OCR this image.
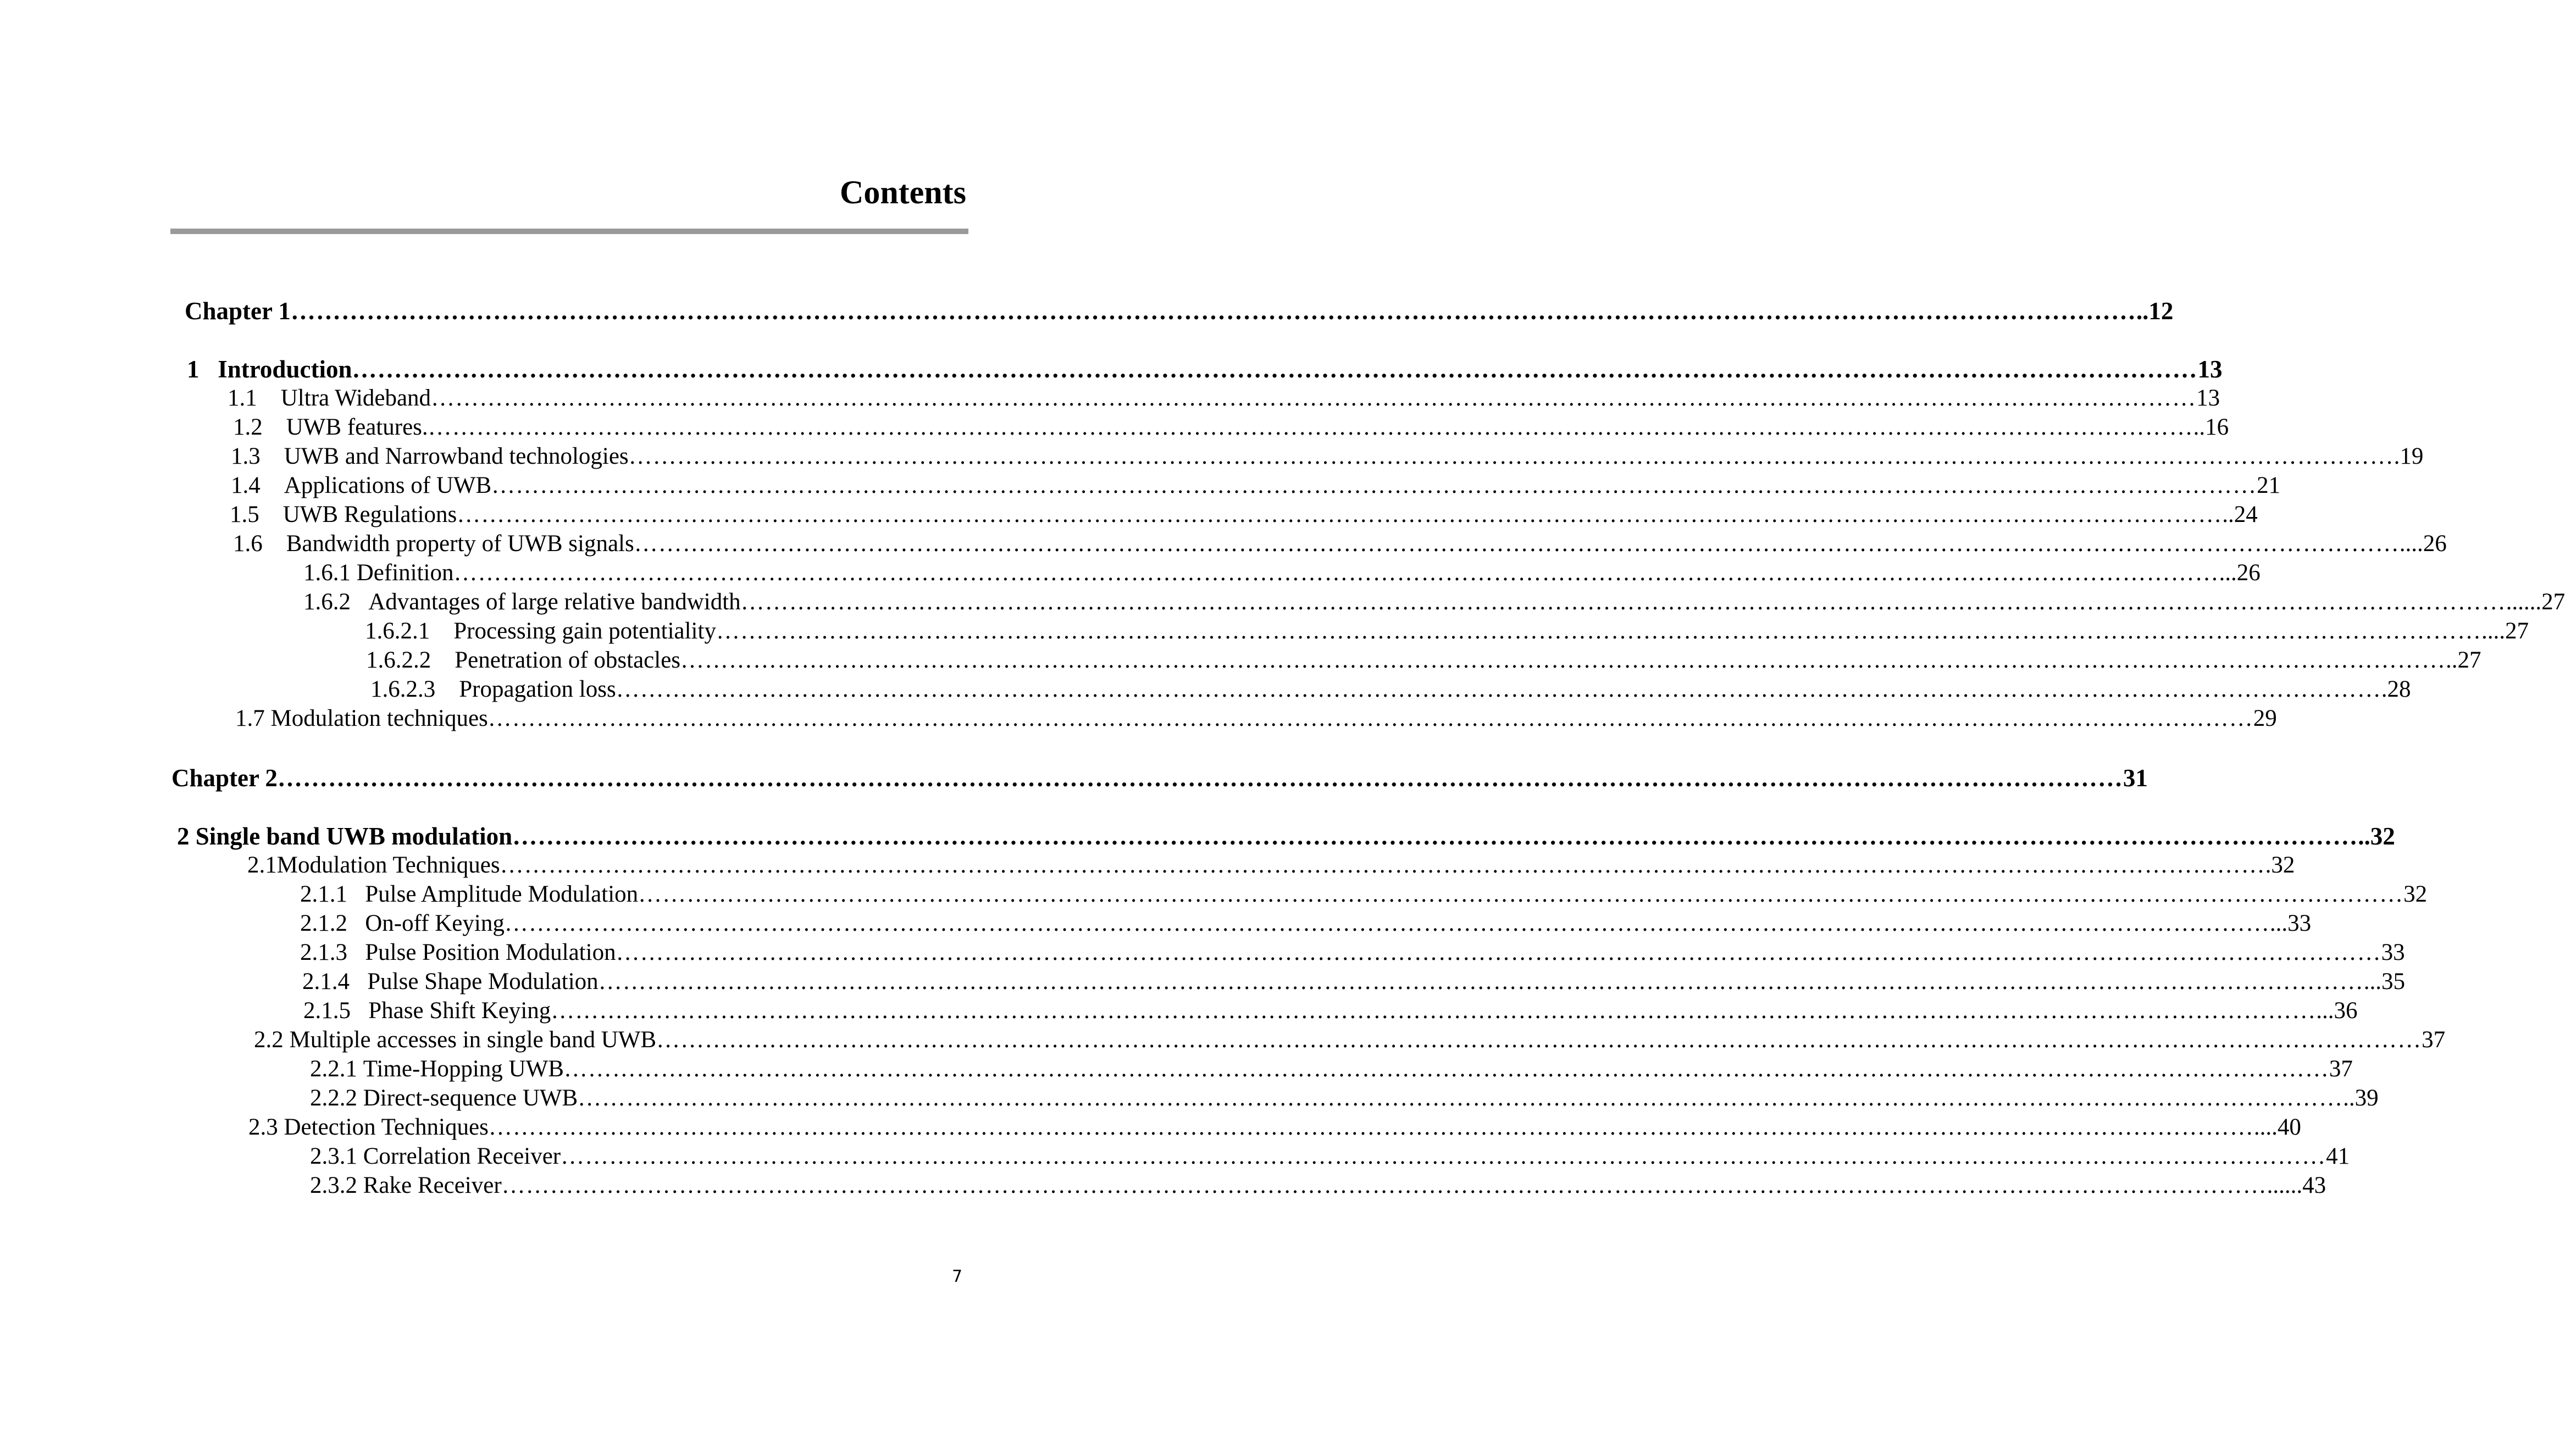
Contents
Chapter 1 ………………………………………………………………………………………………………………………………………………………………………………………………… ..12
1 Introduction ………………………………………………………………………………………………………………………………………………………………………………………………… 13
1.1 Ultra Wideband ………………………………………………………………………………………………………………………………………………………………………………………………… 13
1.2 UWB features. ………………………………………………………………………………………………………………………………………………………………………………………………… ..16
1.3 UWB and Narrowband technologies ………………………………………………………………………………………………………………………………………………………………………………………………… .19
1.4 Applications of UWB ………………………………………………………………………………………………………………………………………………………………………………………………… 21
1.5 UWB Regulations ………………………………………………………………………………………………………………………………………………………………………………………………… ..24
1.6 Bandwidth property of UWB signals ………………………………………………………………………………………………………………………………………………………………………………………………… ....26
1.6.1 Definition ………………………………………………………………………………………………………………………………………………………………………………………………… ...26
1.6.2 Advantages of large relative bandwidth ………………………………………………………………………………………………………………………………………………………………………………………………… ......27
1.6.2.1 Processing gain potentiality ………………………………………………………………………………………………………………………………………………………………………………………………… ....27
1.6.2.2 Penetration of obstacles ………………………………………………………………………………………………………………………………………………………………………………………………… ..27
1.6.2.3 Propagation loss ………………………………………………………………………………………………………………………………………………………………………………………………… .28
1.7 Modulation techniques ………………………………………………………………………………………………………………………………………………………………………………………………… 29
Chapter 2 ………………………………………………………………………………………………………………………………………………………………………………………………… 31
2 Single band UWB modulation ………………………………………………………………………………………………………………………………………………………………………………………………… ..32
2.1 Modulation Techniques ………………………………………………………………………………………………………………………………………………………………………………………………… .32
2.1.1 Pulse Amplitude Modulation ………………………………………………………………………………………………………………………………………………………………………………………………… 32
2.1.2 On-off Keying ………………………………………………………………………………………………………………………………………………………………………………………………… ...33
2.1.3 Pulse Position Modulation ………………………………………………………………………………………………………………………………………………………………………………………………… 33
2.1.4 Pulse Shape Modulation ………………………………………………………………………………………………………………………………………………………………………………………………… ...35
2.1.5 Phase Shift Keying ………………………………………………………………………………………………………………………………………………………………………………………………… ...36
2.2 Multiple accesses in single band UWB ………………………………………………………………………………………………………………………………………………………………………………………………… 37
2.2.1 Time-Hopping UWB ………………………………………………………………………………………………………………………………………………………………………………………………… 37
2.2.2 Direct-sequence UWB ………………………………………………………………………………………………………………………………………………………………………………………………… ..39
2.3 Detection Techniques ………………………………………………………………………………………………………………………………………………………………………………………………… ....40
2.3.1 Correlation Receiver ………………………………………………………………………………………………………………………………………………………………………………………………… 41
2.3.2 Rake Receiver ………………………………………………………………………………………………………………………………………………………………………………………………… ......43
7
